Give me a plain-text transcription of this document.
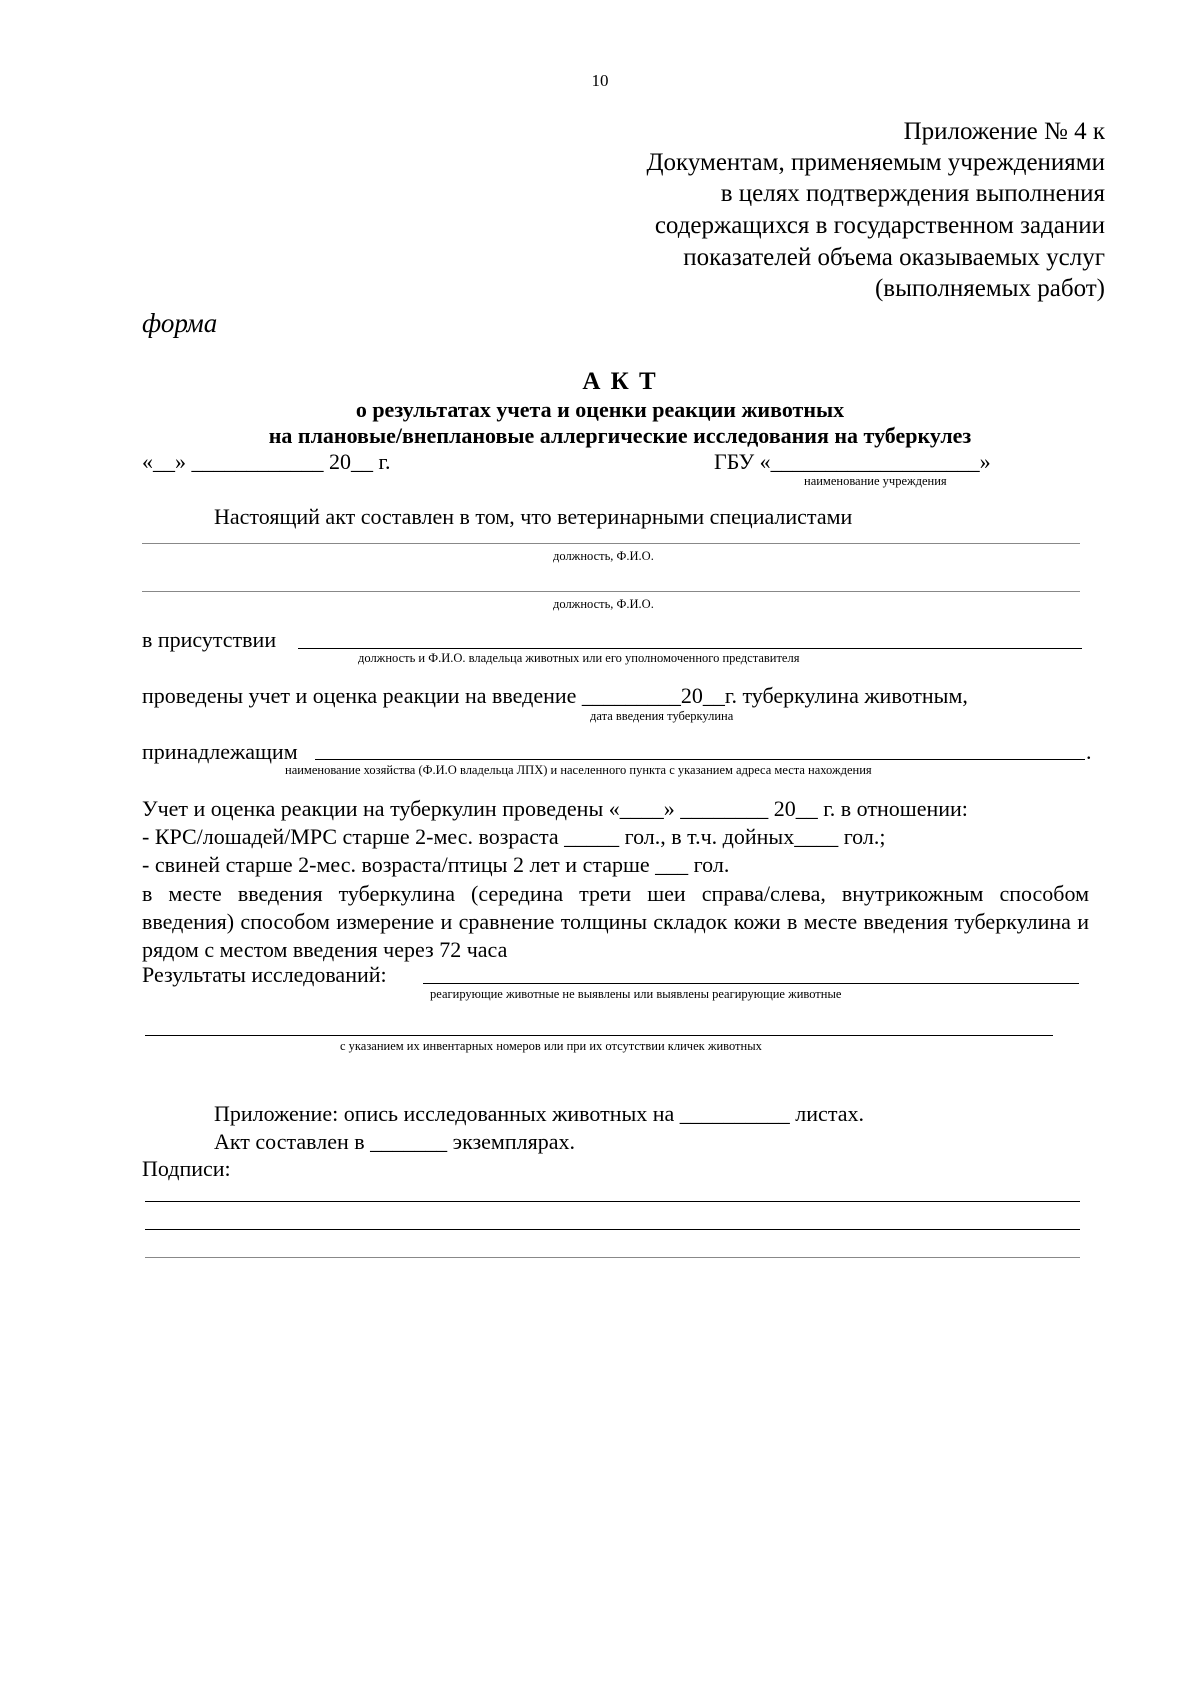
10
Приложение № 4 к
Документам, применяемым учреждениями
в целях подтверждения выполнения
содержащихся в государственном задании
показателей объема оказываемых услуг
(выполняемых работ)
форма
А К Т
о результатах учета и оценки реакции животных
на плановые/внеплановые аллергические исследования на туберкулез
«__» ____________ 20__ г.	ГБУ «___________________»
наименование учреждения
Настоящий акт составлен в том, что ветеринарными специалистами
должность, Ф.И.О.
должность, Ф.И.О.
в присутствии
должность и Ф.И.О. владельца животных или его уполномоченного представителя
проведены учет и оценка реакции на введение _________20__г. туберкулина животным,
дата введения туберкулина
принадлежащим	.
наименование хозяйства (Ф.И.О владельца ЛПХ) и населенного пункта с указанием адреса места нахождения
Учет и оценка реакции на туберкулин проведены «____» ________ 20__ г. в отношении:
- КРС/лошадей/МРС старше 2-мес. возраста _____ гол., в т.ч. дойных____ гол.;
- свиней старше 2-мес. возраста/птицы 2 лет и старше ___ гол.
в месте введения туберкулина (середина трети шеи справа/слева, внутрикожным способом введения) способом измерение и сравнение толщины складок кожи в месте введения туберкулина и рядом с местом введения через 72 часа
Результаты исследований:
реагирующие животные не выявлены или выявлены реагирующие животные
с указанием их инвентарных номеров или при их отсутствии кличек животных
Приложение: опись исследованных животных на __________ листах.
Акт составлен в _______ экземплярах.
Подписи:
